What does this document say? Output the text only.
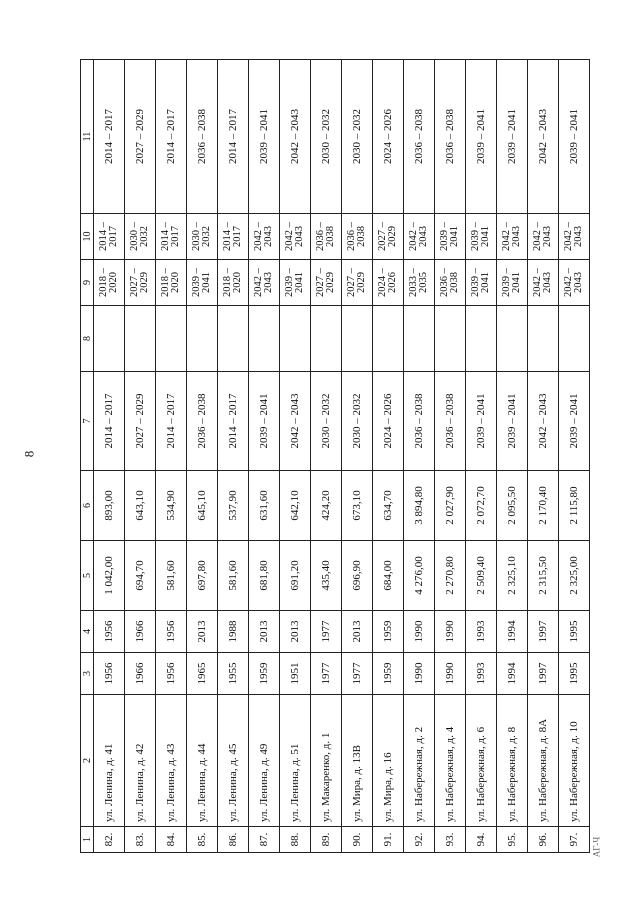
8
1	2	3	4	5	6	7	8	9	10	11
82.	ул. Ленина, д. 41	1956	1956	1 042,00	893,00	2014 – 2017		2018 – 2020	2014 – 2017	2014 – 2017
83.	ул. Ленина, д. 42	1966	1966	694,70	643,10	2027 – 2029		2027 – 2029	2030 – 2032	2027 – 2029
84.	ул. Ленина, д. 43	1956	1956	581,60	534,90	2014 – 2017		2018 – 2020	2014 – 2017	2014 – 2017
85.	ул. Ленина, д. 44	1965	2013	697,80	645,10	2036 – 2038		2039 – 2041	2030 – 2032	2036 – 2038
86.	ул. Ленина, д. 45	1955	1988	581,60	537,90	2014 – 2017		2018 – 2020	2014 – 2017	2014 – 2017
87.	ул. Ленина, д. 49	1959	2013	681,80	631,60	2039 – 2041		2042 – 2043	2042 – 2043	2039 – 2041
88.	ул. Ленина, д. 51	1951	2013	691,20	642,10	2042 – 2043		2039 – 2041	2042 – 2043	2042 – 2043
89.	ул. Макаренко, д. 1	1977	1977	435,40	424,20	2030 – 2032		2027 – 2029	2036 – 2038	2030 – 2032
90.	ул. Мира, д. 13В	1977	2013	696,90	673,10	2030 – 2032		2027 – 2029	2036 – 2038	2030 – 2032
91.	ул. Мира, д. 16	1959	1959	684,00	634,70	2024 – 2026		2024 – 2026	2027 – 2029	2024 – 2026
92.	ул. Набережная, д. 2	1990	1990	4 276,00	3 894,80	2036 – 2038		2033 – 2035	2042 – 2043	2036 – 2038
93.	ул. Набережная, д. 4	1990	1990	2 270,80	2 027,90	2036 – 2038		2036 – 2038	2039 – 2041	2036 – 2038
94.	ул. Набережная, д. 6	1993	1993	2 509,40	2 072,70	2039 – 2041		2039 – 2041	2039 – 2041	2039 – 2041
95.	ул. Набережная, д. 8	1994	1994	2 325,10	2 095,50	2039 – 2041		2039 – 2041	2042 – 2043	2039 – 2041
96.	ул. Набережная, д. 8А	1997	1997	2 315,50	2 170,40	2042 – 2043		2042 – 2043	2042 – 2043	2042 – 2043
97.	ул. Набережная, д. 10	1995	1995	2 325,00	2 115,80	2039 – 2041		2042 – 2043	2042 – 2043	2039 – 2041
АГ-Ч
